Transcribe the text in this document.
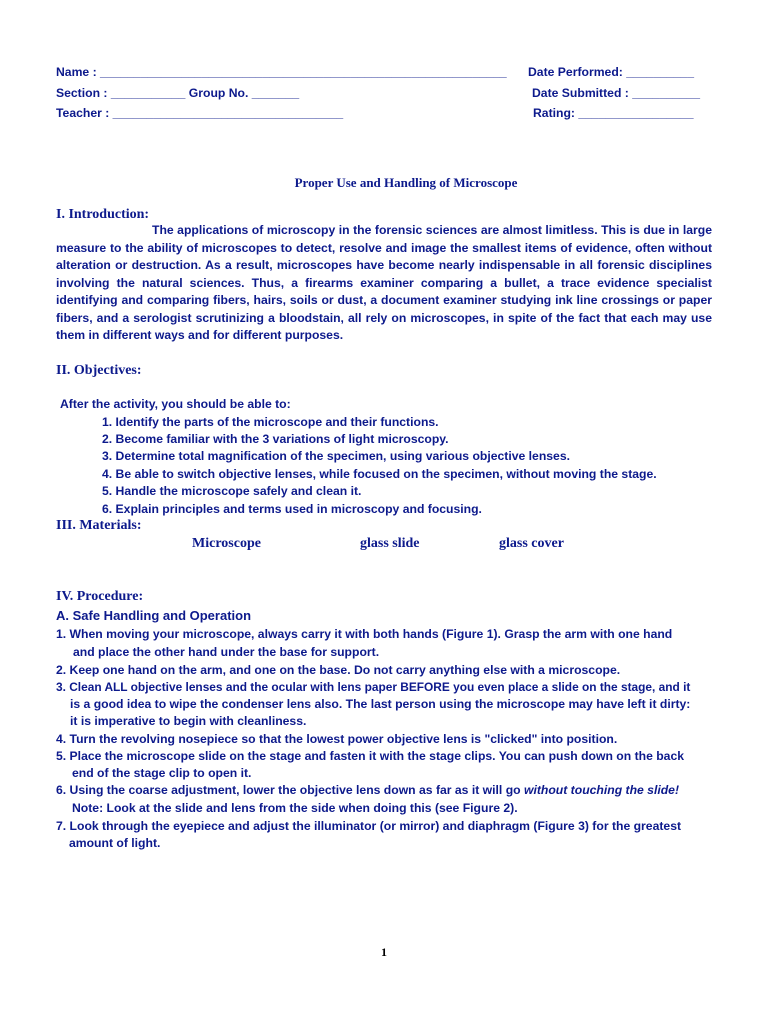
Name : ____________________________________________________________ Date Performed: __________
Section : ___________ Group No. _______	Date Submitted : __________
Teacher : __________________________________	Rating: _________________
Proper Use and Handling of Microscope
I. Introduction:

The applications of microscopy in the forensic sciences are almost limitless. This is due in large measure to the ability of microscopes to detect, resolve and image the smallest items of evidence, often without alteration or destruction. As a result, microscopes have become nearly indispensable in all forensic disciplines involving the natural sciences. Thus, a firearms examiner comparing a bullet, a trace evidence specialist identifying and comparing fibers, hairs, soils or dust, a document examiner studying ink line crossings or paper fibers, and a serologist scrutinizing a bloodstain, all rely on microscopes, in spite of the fact that each may use them in different ways and for different purposes.

II. Objectives:
After the activity, you should be able to:
1. Identify the parts of the microscope and their functions.
2. Become familiar with the 3 variations of light microscopy.
3. Determine total magnification of the specimen, using various objective lenses.
4. Be able to switch objective lenses, while focused on the specimen, without moving the stage.
5. Handle the microscope safely and clean it.
6. Explain principles and terms used in microscopy and focusing.
III. Materials:
Microscope	glass slide	glass cover
IV. Procedure:
A. Safe Handling and Operation
1. When moving your microscope, always carry it with both hands (Figure 1). Grasp the arm with one hand
and place the other hand under the base for support.
2. Keep one hand on the arm, and one on the base. Do not carry anything else with a microscope.
3. Clean ALL objective lenses and the ocular with lens paper BEFORE you even place a slide on the stage, and it
is a good idea to wipe the condenser lens also. The last person using the microscope may have left it dirty:
it is imperative to begin with cleanliness.
4. Turn the revolving nosepiece so that the lowest power objective lens is "clicked" into position.
5. Place the microscope slide on the stage and fasten it with the stage clips. You can push down on the back
end of the stage clip to open it.
6. Using the coarse adjustment, lower the objective lens down as far as it will go without touching the slide!
Note: Look at the slide and lens from the side when doing this (see Figure 2).
7. Look through the eyepiece and adjust the illuminator (or mirror) and diaphragm (Figure 3) for the greatest
amount of light.
1
